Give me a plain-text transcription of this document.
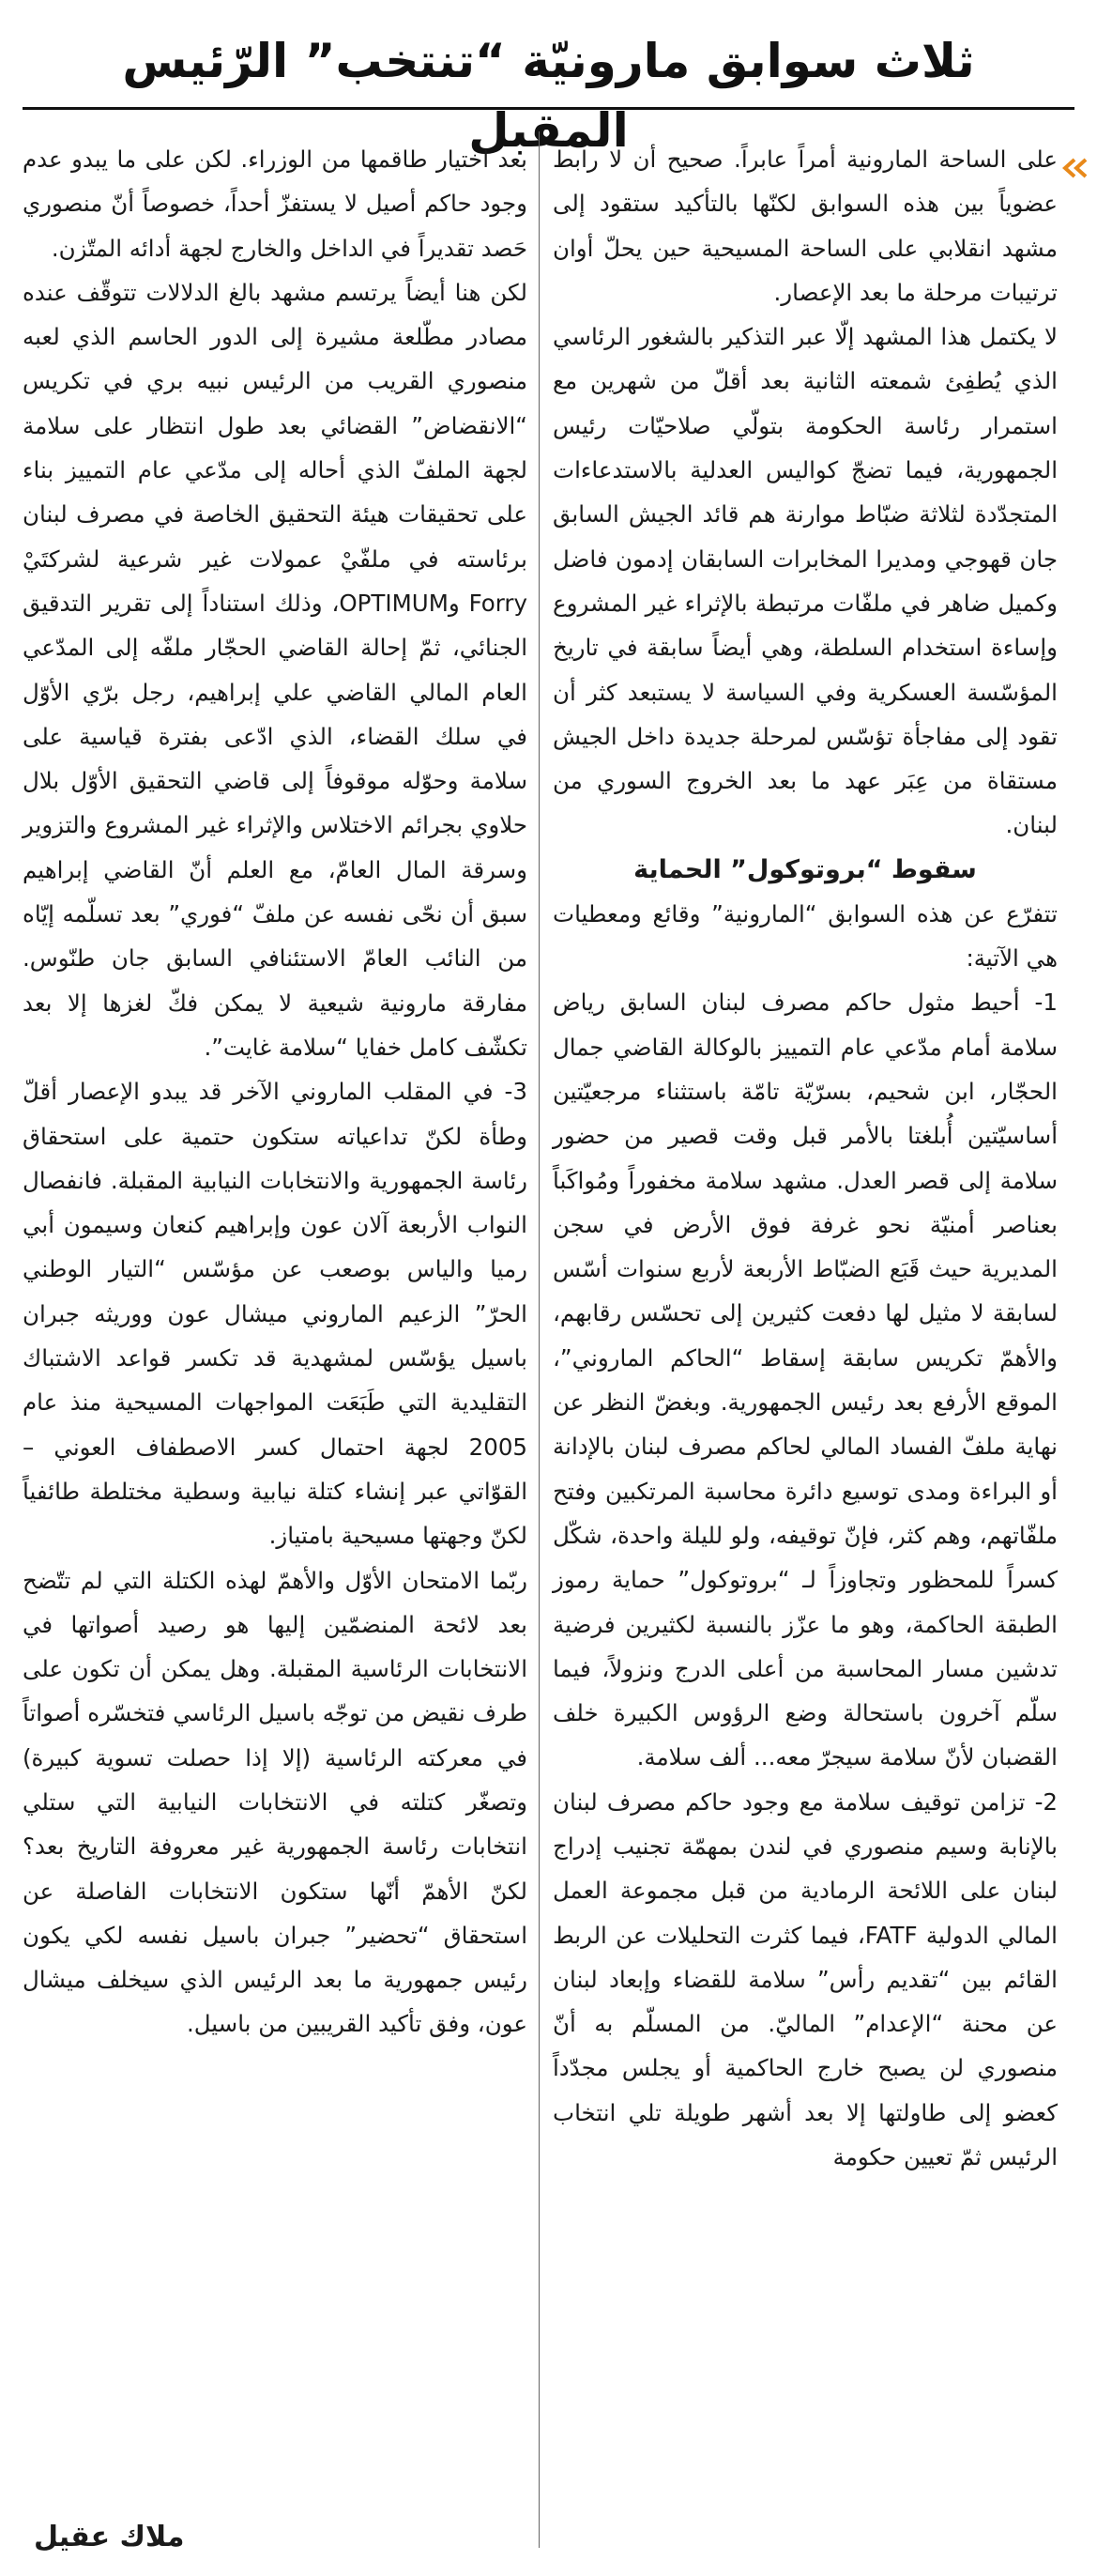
ثلاث سوابق مارونيّة “تنتخب” الرّئيس المقبل

على الساحة المارونية أمراً عابراً. صحيح أن لا رابط عضوياً بين هذه السوابق لكنّها بالتأكيد ستقود إلى مشهد انقلابي على الساحة المسيحية حين يحلّ أوان ترتيبات مرحلة ما بعد الإعصار.

لا يكتمل هذا المشهد إلّا عبر التذكير بالشغور الرئاسي الذي يُطفِئ شمعته الثانية بعد أقلّ من شهرين مع استمرار رئاسة الحكومة بتولّي صلاحيّات رئيس الجمهورية، فيما تضجّ كواليس العدلية بالاستدعاءات المتجدّدة لثلاثة ضبّاط موارنة هم قائد الجيش السابق جان قهوجي ومديرا المخابرات السابقان إدمون فاضل وكميل ضاهر في ملفّات مرتبطة بالإثراء غير المشروع وإساءة استخدام السلطة، وهي أيضاً سابقة في تاريخ المؤسّسة العسكرية وفي السياسة لا يستبعد كثر أن تقود إلى مفاجأة تؤسّس لمرحلة جديدة داخل الجيش مستقاة من عِبَر عهد ما بعد الخروج السوري من لبنان.

سقوط “بروتوكول” الحماية

تتفرّع عن هذه السوابق “المارونية” وقائع ومعطيات هي الآتية:

1- أحيط مثول حاكم مصرف لبنان السابق رياض سلامة أمام مدّعي عام التمييز بالوكالة القاضي جمال الحجّار، ابن شحيم، بسرّيّة تامّة باستثناء مرجعيّتين أساسيّتين أُبلغتا بالأمر قبل وقت قصير من حضور سلامة إلى قصر العدل. مشهد سلامة مخفوراً ومُواكَباً بعناصر أمنيّة نحو غرفة فوق الأرض في سجن المديرية حيث قَبَع الضبّاط الأربعة لأربع سنوات أسّس لسابقة لا مثيل لها دفعت كثيرين إلى تحسّس رقابهم، والأهمّ تكريس سابقة إسقاط “الحاكم الماروني”، الموقع الأرفع بعد رئيس الجمهورية. وبغضّ النظر عن نهاية ملفّ الفساد المالي لحاكم مصرف لبنان بالإدانة أو البراءة ومدى توسيع دائرة محاسبة المرتكبين وفتح ملفّاتهم، وهم كثر، فإنّ توقيفه، ولو لليلة واحدة، شكّل كسراً للمحظور وتجاوزاً لـ “بروتوكول” حماية رموز الطبقة الحاكمة، وهو ما عزّز بالنسبة لكثيرين فرضية تدشين مسار المحاسبة من أعلى الدرج ونزولاً، فيما سلّم آخرون باستحالة وضع الرؤوس الكبيرة خلف القضبان لأنّ سلامة سيجرّ معه... ألف سلامة.

2- تزامن توقيف سلامة مع وجود حاكم مصرف لبنان بالإنابة وسيم منصوري في لندن بمهمّة تجنيب إدراج لبنان على اللائحة الرمادية من قبل مجموعة العمل المالي الدولية FATF، فيما كثرت التحليلات عن الربط القائم بين “تقديم رأس” سلامة للقضاء وإبعاد لبنان عن محنة “الإعدام” الماليّ. من المسلّم به أنّ منصوري لن يصبح خارج الحاكمية أو يجلس مجدّداً كعضو إلى طاولتها إلا بعد أشهر طويلة تلي انتخاب الرئيس ثمّ تعيين حكومة

بعد اختيار طاقمها من الوزراء. لكن على ما يبدو عدم وجود حاكم أصيل لا يستفزّ أحداً، خصوصاً أنّ منصوري حَصد تقديراً في الداخل والخارج لجهة أدائه المتّزن.

لكن هنا أيضاً يرتسم مشهد بالغ الدلالات تتوقّف عنده مصادر مطّلعة مشيرة إلى الدور الحاسم الذي لعبه منصوري القريب من الرئيس نبيه بري في تكريس “الانقضاض” القضائي بعد طول انتظار على سلامة لجهة الملفّ الذي أحاله إلى مدّعي عام التمييز بناء على تحقيقات هيئة التحقيق الخاصة في مصرف لبنان برئاسته في ملفّيْ عمولات غير شرعية لشركتَيْ Forry وOPTIMUM، وذلك استناداً إلى تقرير التدقيق الجنائي، ثمّ إحالة القاضي الحجّار ملفّه إلى المدّعي العام المالي القاضي علي إبراهيم، رجل برّي الأوّل في سلك القضاء، الذي ادّعى بفترة قياسية على سلامة وحوّله موقوفاً إلى قاضي التحقيق الأوّل بلال حلاوي بجرائم الاختلاس والإثراء غير المشروع والتزوير وسرقة المال العامّ، مع العلم أنّ القاضي إبراهيم سبق أن نحّى نفسه عن ملفّ “فوري” بعد تسلّمه إيّاه من النائب العامّ الاستئنافي السابق جان طنّوس. مفارقة مارونية شيعية لا يمكن فكّ لغزها إلا بعد تكشّف كامل خفايا “سلامة غايت”.

3- في المقلب الماروني الآخر قد يبدو الإعصار أقلّ وطأة لكنّ تداعياته ستكون حتمية على استحقاق رئاسة الجمهورية والانتخابات النيابية المقبلة. فانفصال النواب الأربعة آلان عون وإبراهيم كنعان وسيمون أبي رميا والياس بوصعب عن مؤسّس “التيار الوطني الحرّ” الزعيم الماروني ميشال عون ووريثه جبران باسيل يؤسّس لمشهدية قد تكسر قواعد الاشتباك التقليدية التي طَبَعَت المواجهات المسيحية منذ عام 2005 لجهة احتمال كسر الاصطفاف العوني – القوّاتي عبر إنشاء كتلة نيابية وسطية مختلطة طائفياً لكنّ وجهتها مسيحية بامتياز.

ربّما الامتحان الأوّل والأهمّ لهذه الكتلة التي لم تتّضح بعد لائحة المنضمّين إليها هو رصيد أصواتها في الانتخابات الرئاسية المقبلة. وهل يمكن أن تكون على طرف نقيض من توجّه باسيل الرئاسي فتخسّره أصواتاً في معركته الرئاسية (إلا إذا حصلت تسوية كبيرة) وتصغّر كتلته في الانتخابات النيابية التي ستلي انتخابات رئاسة الجمهورية غير معروفة التاريخ بعد؟ لكنّ الأهمّ أنّها ستكون الانتخابات الفاصلة عن استحقاق “تحضير” جبران باسيل نفسه لكي يكون رئيس جمهورية ما بعد الرئيس الذي سيخلف ميشال عون، وفق تأكيد القريبين من باسيل.

ملاك عقيل
